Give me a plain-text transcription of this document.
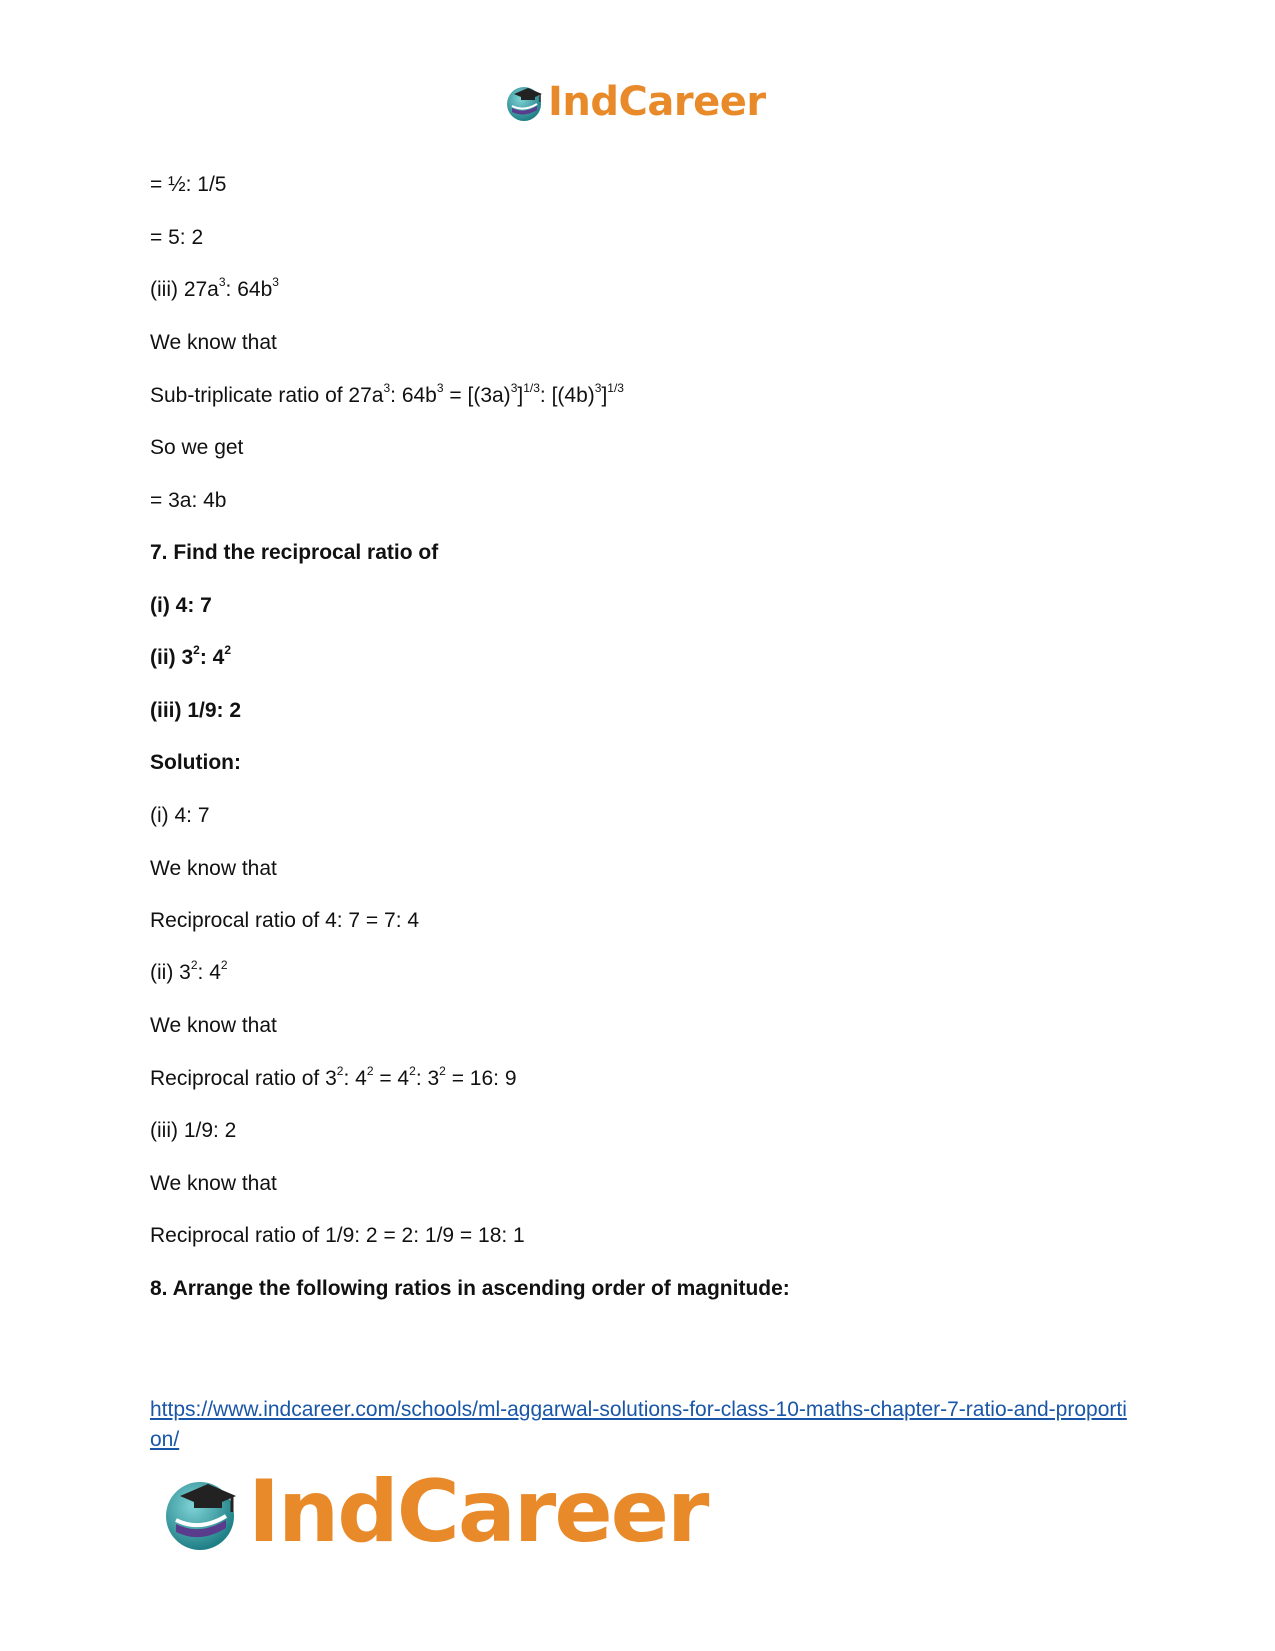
IndCareer
= ½: 1/5
= 5: 2
(iii) $27a^3$: $64b^3$
We know that
Sub-triplicate ratio of $27a^3$: $64b^3 = [(3a)^3]^{1/3}$: $[(4b)^3]^{1/3}$
So we get
= 3a: 4b
7. Find the reciprocal ratio of
(i) 4: 7
(ii) $3^2$: $4^2$
(iii) 1/9: 2
Solution:
(i) 4: 7
We know that
Reciprocal ratio of 4: 7 = 7: 4
(ii) $3^2$: $4^2$
We know that
Reciprocal ratio of $3^2$: $4^2 = 4^2$: $3^2 = 16$: 9
(iii) 1/9: 2
We know that
Reciprocal ratio of 1/9: 2 = 2: 1/9 = 18: 1
8. Arrange the following ratios in ascending order of magnitude:
https://www.indcareer.com/schools/ml-aggarwal-solutions-for-class-10-maths-chapter-7-ratio-and-proportion/
IndCareer
